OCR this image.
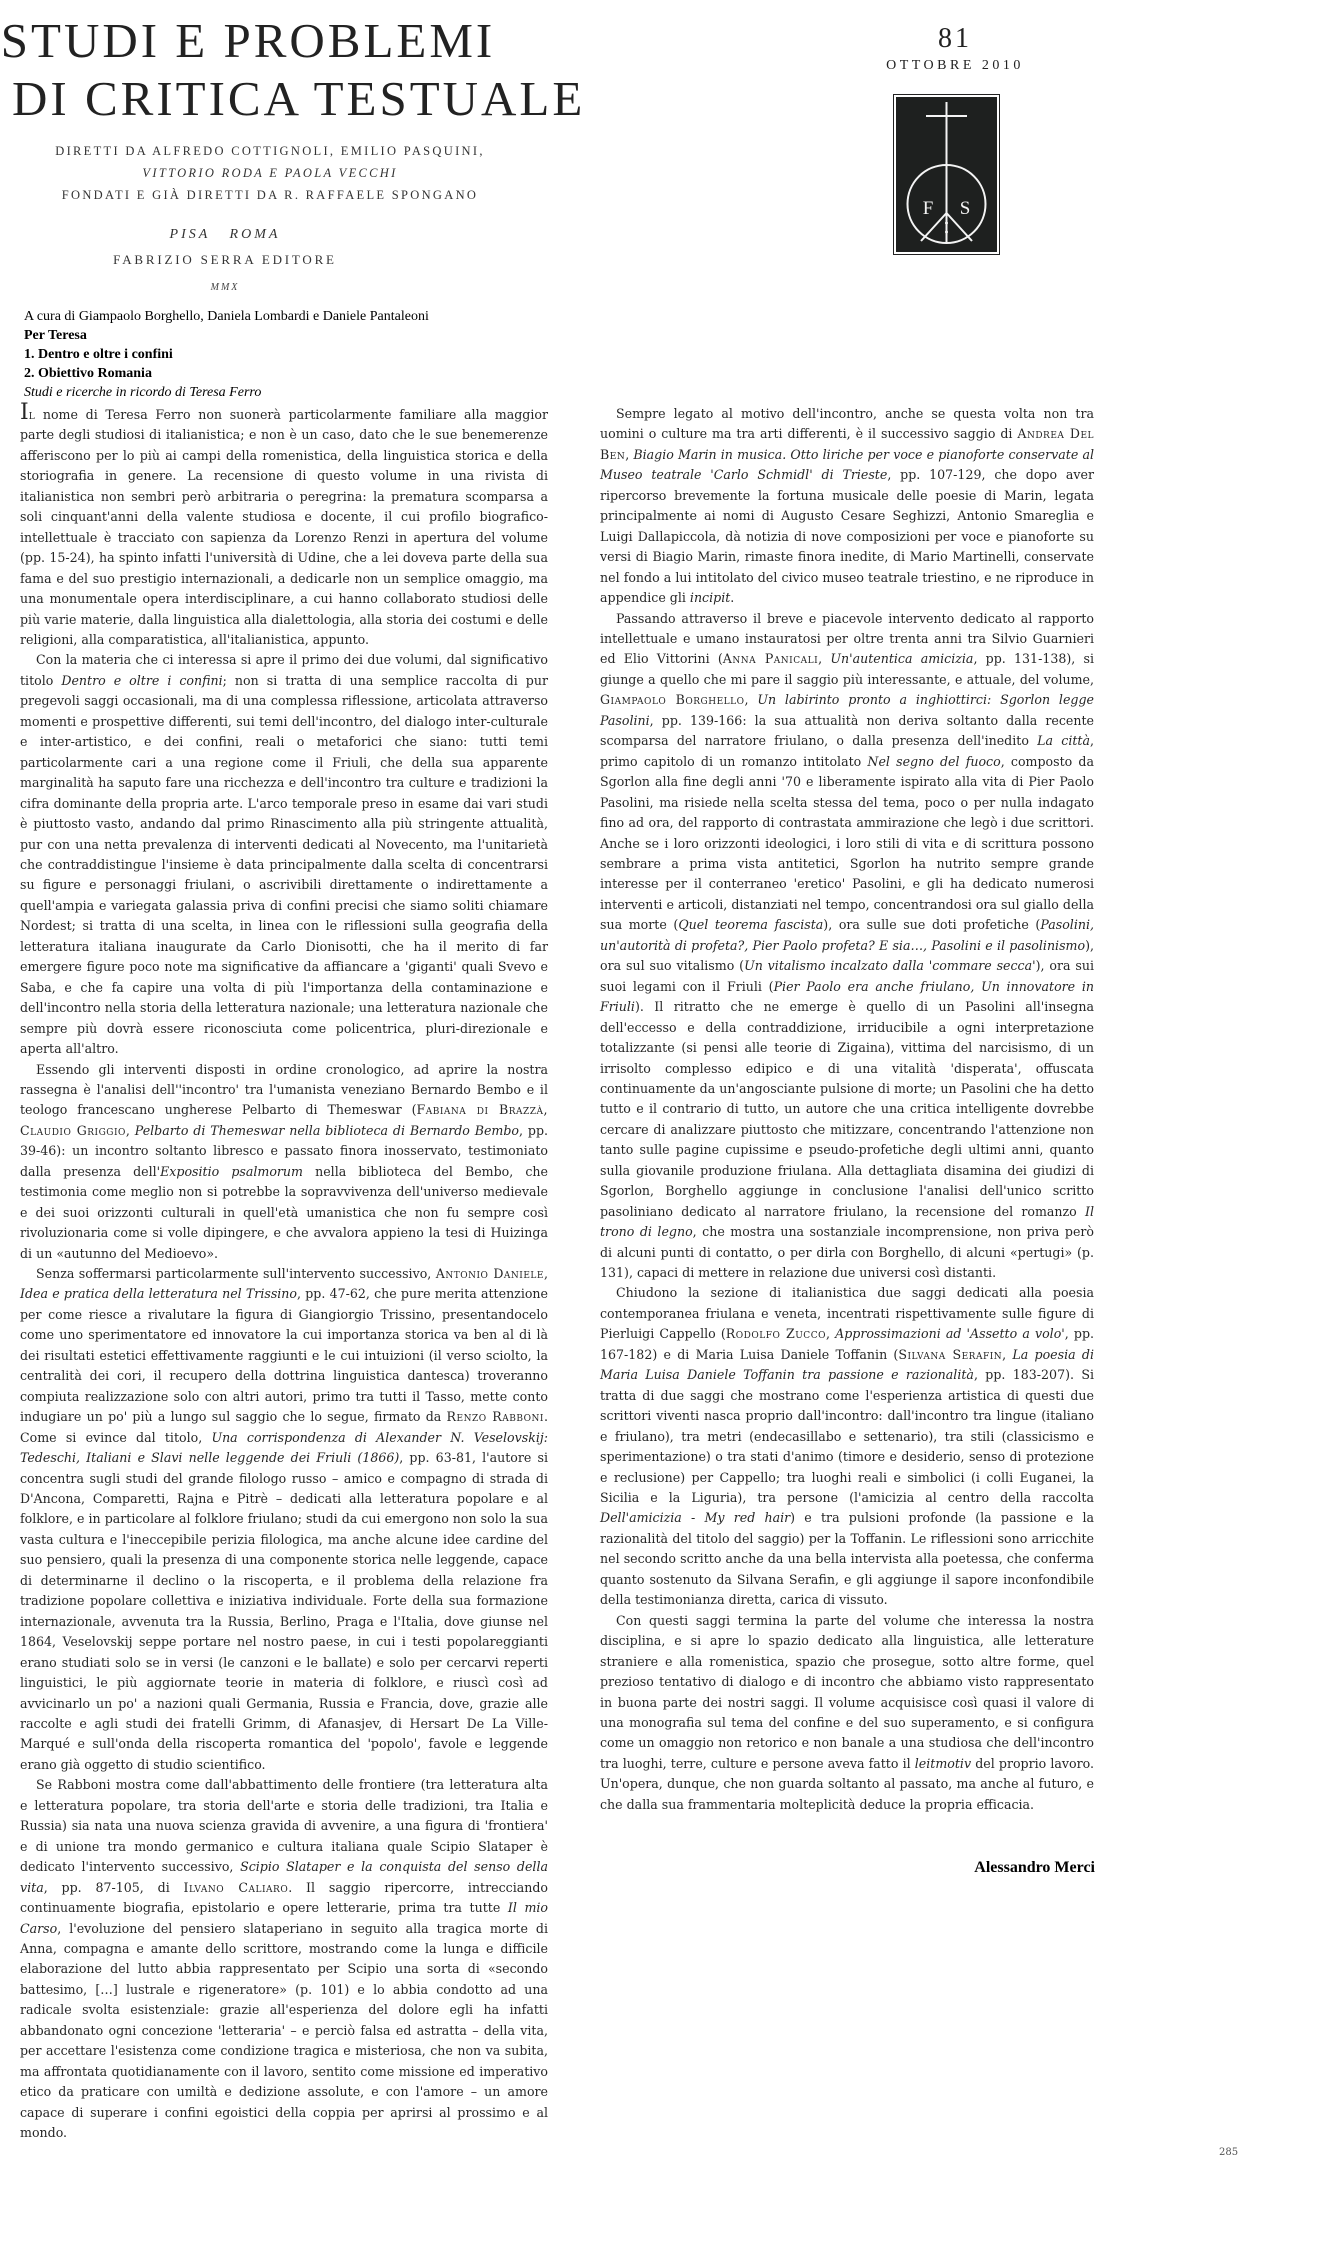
STUDI E PROBLEMI
DI CRITICA TESTUALE
DIRETTI DA ALFREDO COTTIGNOLI, EMILIO PASQUINI,
VITTORIO RODA E PAOLA VECCHI
FONDATI E GIÀ DIRETTI DA R. RAFFAELE SPONGANO
PISA   ROMA
FABRIZIO SERRA EDITORE
MMX
81
OTTOBRE 2010
F S
A cura di Giampaolo Borghello, Daniela Lombardi e Daniele Pantaleoni
Per Teresa
1. Dentro e oltre i confini
2. Obiettivo Romania
Studi e ricerche in ricordo di Teresa Ferro

Il nome di Teresa Ferro non suonerà particolarmente familiare alla maggior parte degli studiosi di italianistica; e non è un caso, dato che le sue benemerenze afferiscono per lo più ai campi della romenistica, della linguistica storica e della storiografia in genere. La recensione di questo volume in una rivista di italianistica non sembri però arbitraria o peregrina: la prematura scomparsa a soli cinquant'anni della valente studiosa e docente, il cui profilo biografico-intellettuale è tracciato con sapienza da Lorenzo Renzi in apertura del volume (pp. 15-24), ha spinto infatti l'università di Udine, che a lei doveva parte della sua fama e del suo prestigio internazionali, a dedicarle non un semplice omaggio, ma una monumentale opera interdisciplinare, a cui hanno collaborato studiosi delle più varie materie, dalla linguistica alla dialettologia, alla storia dei costumi e delle religioni, alla comparatistica, all'italianistica, appunto.

Con la materia che ci interessa si apre il primo dei due volumi, dal significativo titolo Dentro e oltre i confini; non si tratta di una semplice raccolta di pur pregevoli saggi occasionali, ma di una complessa riflessione, articolata attraverso momenti e prospettive differenti, sui temi dell'incontro, del dialogo inter-culturale e inter-artistico, e dei confini, reali o metaforici che siano: tutti temi particolarmente cari a una regione come il Friuli, che della sua apparente marginalità ha saputo fare una ricchezza e dell'incontro tra culture e tradizioni la cifra dominante della propria arte. L'arco temporale preso in esame dai vari studi è piuttosto vasto, andando dal primo Rinascimento alla più stringente attualità, pur con una netta prevalenza di interventi dedicati al Novecento, ma l'unitarietà che contraddistingue l'insieme è data principalmente dalla scelta di concentrarsi su figure e personaggi friulani, o ascrivibili direttamente o indirettamente a quell'ampia e variegata galassia priva di confini precisi che siamo soliti chiamare Nordest; si tratta di una scelta, in linea con le riflessioni sulla geografia della letteratura italiana inaugurate da Carlo Dionisotti, che ha il merito di far emergere figure poco note ma significative da affiancare a 'giganti' quali Svevo e Saba, e che fa capire una volta di più l'importanza della contaminazione e dell'incontro nella storia della letteratura nazionale; una letteratura nazionale che sempre più dovrà essere riconosciuta come policentrica, pluri-direzionale e aperta all'altro.

Essendo gli interventi disposti in ordine cronologico, ad aprire la nostra rassegna è l'analisi dell''incontro' tra l'umanista veneziano Bernardo Bembo e il teologo francescano ungherese Pelbarto di Themeswar (Fabiana di Brazzà, Claudio Griggio, Pelbarto di Themeswar nella biblioteca di Bernardo Bembo, pp. 39-46): un incontro soltanto libresco e passato finora inosservato, testimoniato dalla presenza dell'Expositio psalmorum nella biblioteca del Bembo, che testimonia come meglio non si potrebbe la sopravvivenza dell'universo medievale e dei suoi orizzonti culturali in quell'età umanistica che non fu sempre così rivoluzionaria come si volle dipingere, e che avvalora appieno la tesi di Huizinga di un «autunno del Medioevo».

Senza soffermarsi particolarmente sull'intervento successivo, Antonio Daniele, Idea e pratica della letteratura nel Trissino, pp. 47-62, che pure merita attenzione per come riesce a rivalutare la figura di Giangiorgio Trissino, presentandocelo come uno sperimentatore ed innovatore la cui importanza storica va ben al di là dei risultati estetici effettivamente raggiunti e le cui intuizioni (il verso sciolto, la centralità dei cori, il recupero della dottrina linguistica dantesca) troveranno compiuta realizzazione solo con altri autori, primo tra tutti il Tasso, mette conto indugiare un po' più a lungo sul saggio che lo segue, firmato da Renzo Rabboni. Come si evince dal titolo, Una corrispondenza di Alexander N. Veselovskij: Tedeschi, Italiani e Slavi nelle leggende dei Friuli (1866), pp. 63-81, l'autore si concentra sugli studi del grande filologo russo – amico e compagno di strada di D'Ancona, Comparetti, Rajna e Pitrè – dedicati alla letteratura popolare e al folklore, e in particolare al folklore friulano; studi da cui emergono non solo la sua vasta cultura e l'ineccepibile perizia filologica, ma anche alcune idee cardine del suo pensiero, quali la presenza di una componente storica nelle leggende, capace di determinarne il declino o la riscoperta, e il problema della relazione fra tradizione popolare collettiva e iniziativa individuale. Forte della sua formazione internazionale, avvenuta tra la Russia, Berlino, Praga e l'Italia, dove giunse nel 1864, Veselovskij seppe portare nel nostro paese, in cui i testi popolareggianti erano studiati solo se in versi (le canzoni e le ballate) e solo per cercarvi reperti linguistici, le più aggiornate teorie in materia di folklore, e riuscì così ad avvicinarlo un po' a nazioni quali Germania, Russia e Francia, dove, grazie alle raccolte e agli studi dei fratelli Grimm, di Afanasjev, di Hersart De La Ville-Marqué e sull'onda della riscoperta romantica del 'popolo', favole e leggende erano già oggetto di studio scientifico.

Se Rabboni mostra come dall'abbattimento delle frontiere (tra letteratura alta e letteratura popolare, tra storia dell'arte e storia delle tradizioni, tra Italia e Russia) sia nata una nuova scienza gravida di avvenire, a una figura di 'frontiera' e di unione tra mondo germanico e cultura italiana quale Scipio Slataper è dedicato l'intervento successivo, Scipio Slataper e la conquista del senso della vita, pp. 87-105, di Ilvano Caliaro. Il saggio ripercorre, intrecciando continuamente biografia, epistolario e opere letterarie, prima tra tutte Il mio Carso, l'evoluzione del pensiero slataperiano in seguito alla tragica morte di Anna, compagna e amante dello scrittore, mostrando come la lunga e difficile elaborazione del lutto abbia rappresentato per Scipio una sorta di «secondo battesimo, […] lustrale e rigeneratore» (p. 101) e lo abbia condotto ad una radicale svolta esistenziale: grazie all'esperienza del dolore egli ha infatti abbandonato ogni concezione 'letteraria' – e perciò falsa ed astratta – della vita, per accettare l'esistenza come condizione tragica e misteriosa, che non va subita, ma affrontata quotidianamente con il lavoro, sentito come missione ed imperativo etico da praticare con umiltà e dedizione assolute, e con l'amore – un amore capace di superare i confini egoistici della coppia per aprirsi al prossimo e al mondo.

Sempre legato al motivo dell'incontro, anche se questa volta non tra uomini o culture ma tra arti differenti, è il successivo saggio di Andrea Del Ben, Biagio Marin in musica. Otto liriche per voce e pianoforte conservate al Museo teatrale 'Carlo Schmidl' di Trieste, pp. 107-129, che dopo aver ripercorso brevemente la fortuna musicale delle poesie di Marin, legata principalmente ai nomi di Augusto Cesare Seghizzi, Antonio Smareglia e Luigi Dallapiccola, dà notizia di nove composizioni per voce e pianoforte su versi di Biagio Marin, rimaste finora inedite, di Mario Martinelli, conservate nel fondo a lui intitolato del civico museo teatrale triestino, e ne riproduce in appendice gli incipit.

Passando attraverso il breve e piacevole intervento dedicato al rapporto intellettuale e umano instauratosi per oltre trenta anni tra Silvio Guarnieri ed Elio Vittorini (Anna Panicali, Un'autentica amicizia, pp. 131-138), si giunge a quello che mi pare il saggio più interessante, e attuale, del volume, Giampaolo Borghello, Un labirinto pronto a inghiottirci: Sgorlon legge Pasolini, pp. 139-166: la sua attualità non deriva soltanto dalla recente scomparsa del narratore friulano, o dalla presenza dell'inedito La città, primo capitolo di un romanzo intitolato Nel segno del fuoco, composto da Sgorlon alla fine degli anni '70 e liberamente ispirato alla vita di Pier Paolo Pasolini, ma risiede nella scelta stessa del tema, poco o per nulla indagato fino ad ora, del rapporto di contrastata ammirazione che legò i due scrittori. Anche se i loro orizzonti ideologici, i loro stili di vita e di scrittura possono sembrare a prima vista antitetici, Sgorlon ha nutrito sempre grande interesse per il conterraneo 'eretico' Pasolini, e gli ha dedicato numerosi interventi e articoli, distanziati nel tempo, concentrandosi ora sul giallo della sua morte (Quel teorema fascista), ora sulle sue doti profetiche (Pasolini, un'autorità di profeta?, Pier Paolo profeta? E sia…, Pasolini e il pasolinismo), ora sul suo vitalismo (Un vitalismo incalzato dalla 'commare secca'), ora sui suoi legami con il Friuli (Pier Paolo era anche friulano, Un innovatore in Friuli). Il ritratto che ne emerge è quello di un Pasolini all'insegna dell'eccesso e della contraddizione, irriducibile a ogni interpretazione totalizzante (si pensi alle teorie di Zigaina), vittima del narcisismo, di un irrisolto complesso edipico e di una vitalità 'disperata', offuscata continuamente da un'angosciante pulsione di morte; un Pasolini che ha detto tutto e il contrario di tutto, un autore che una critica intelligente dovrebbe cercare di analizzare piuttosto che mitizzare, concentrando l'attenzione non tanto sulle pagine cupissime e pseudo-profetiche degli ultimi anni, quanto sulla giovanile produzione friulana. Alla dettagliata disamina dei giudizi di Sgorlon, Borghello aggiunge in conclusione l'analisi dell'unico scritto pasoliniano dedicato al narratore friulano, la recensione del romanzo Il trono di legno, che mostra una sostanziale incomprensione, non priva però di alcuni punti di contatto, o per dirla con Borghello, di alcuni «pertugi» (p. 131), capaci di mettere in relazione due universi così distanti.

Chiudono la sezione di italianistica due saggi dedicati alla poesia contemporanea friulana e veneta, incentrati rispettivamente sulle figure di Pierluigi Cappello (Rodolfo Zucco, Approssimazioni ad 'Assetto a volo', pp. 167-182) e di Maria Luisa Daniele Toffanin (Silvana Serafin, La poesia di Maria Luisa Daniele Toffanin tra passione e razionalità, pp. 183-207). Si tratta di due saggi che mostrano come l'esperienza artistica di questi due scrittori viventi nasca proprio dall'incontro: dall'incontro tra lingue (italiano e friulano), tra metri (endecasillabo e settenario), tra stili (classicismo e sperimentazione) o tra stati d'animo (timore e desiderio, senso di protezione e reclusione) per Cappello; tra luoghi reali e simbolici (i colli Euganei, la Sicilia e la Liguria), tra persone (l'amicizia al centro della raccolta Dell'amicizia - My red hair) e tra pulsioni profonde (la passione e la razionalità del titolo del saggio) per la Toffanin. Le riflessioni sono arricchite nel secondo scritto anche da una bella intervista alla poetessa, che conferma quanto sostenuto da Silvana Serafin, e gli aggiunge il sapore inconfondibile della testimonianza diretta, carica di vissuto.

Con questi saggi termina la parte del volume che interessa la nostra disciplina, e si apre lo spazio dedicato alla linguistica, alle letterature straniere e alla romenistica, spazio che prosegue, sotto altre forme, quel prezioso tentativo di dialogo e di incontro che abbiamo visto rappresentato in buona parte dei nostri saggi. Il volume acquisisce così quasi il valore di una monografia sul tema del confine e del suo superamento, e si configura come un omaggio non retorico e non banale a una studiosa che dell'incontro tra luoghi, terre, culture e persone aveva fatto il leitmotiv del proprio lavoro. Un'opera, dunque, che non guarda soltanto al passato, ma anche al futuro, e che dalla sua frammentaria molteplicità deduce la propria efficacia.

Alessandro Merci
285
